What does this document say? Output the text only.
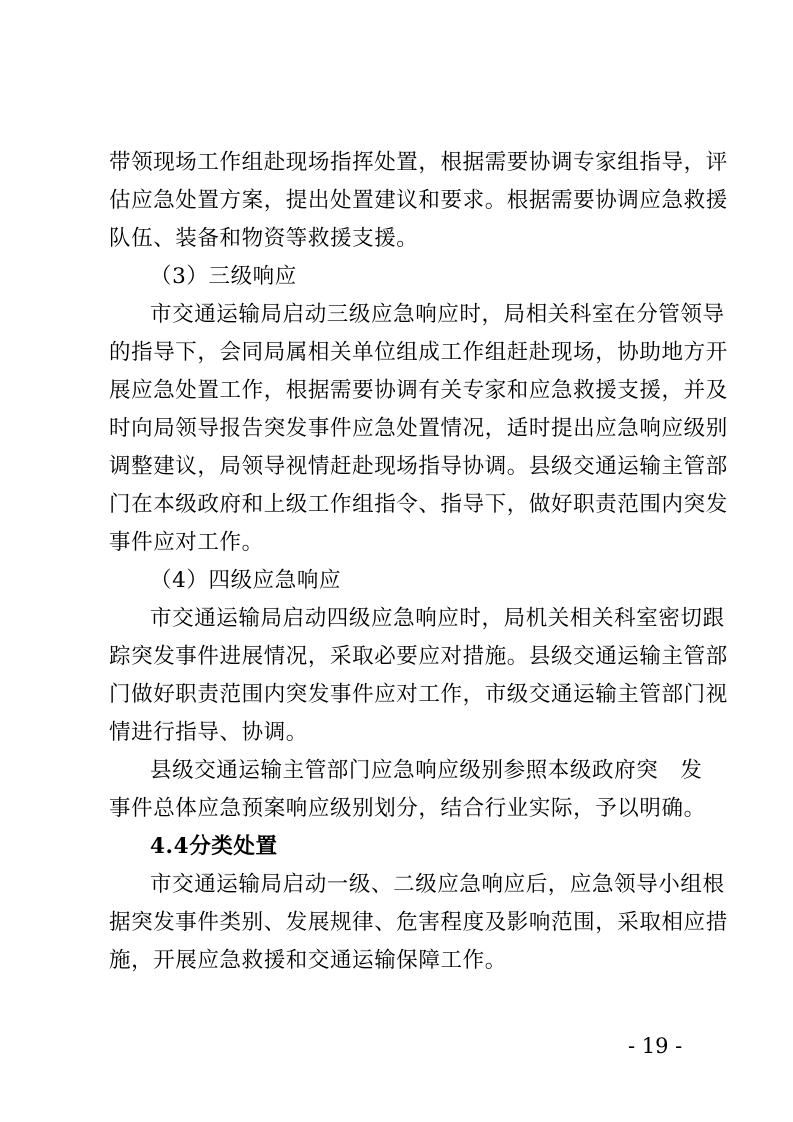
带领现场工作组赴现场指挥处置，根据需要协调专家组指导，评
估应急处置方案，提出处置建议和要求。根据需要协调应急救援
队伍、装备和物资等救援支援。
（3）三级响应
市交通运输局启动三级应急响应时，局相关科室在分管领导
的指导下，会同局属相关单位组成工作组赶赴现场，协助地方开
展应急处置工作，根据需要协调有关专家和应急救援支援，并及
时向局领导报告突发事件应急处置情况，适时提出应急响应级别
调整建议，局领导视情赶赴现场指导协调。县级交通运输主管部
门在本级政府和上级工作组指令、指导下，做好职责范围内突发
事件应对工作。
（4）四级应急响应
市交通运输局启动四级应急响应时，局机关相关科室密切跟
踪突发事件进展情况，采取必要应对措施。县级交通运输主管部
门做好职责范围内突发事件应对工作，市级交通运输主管部门视
情进行指导、协调。
县级交通运输主管部门应急响应级别参照本级政府突　发
事件总体应急预案响应级别划分，结合行业实际，予以明确。
4.4分类处置
市交通运输局启动一级、二级应急响应后，应急领导小组根
据突发事件类别、发展规律、危害程度及影响范围，采取相应措
施，开展应急救援和交通运输保障工作。
- 19 -
